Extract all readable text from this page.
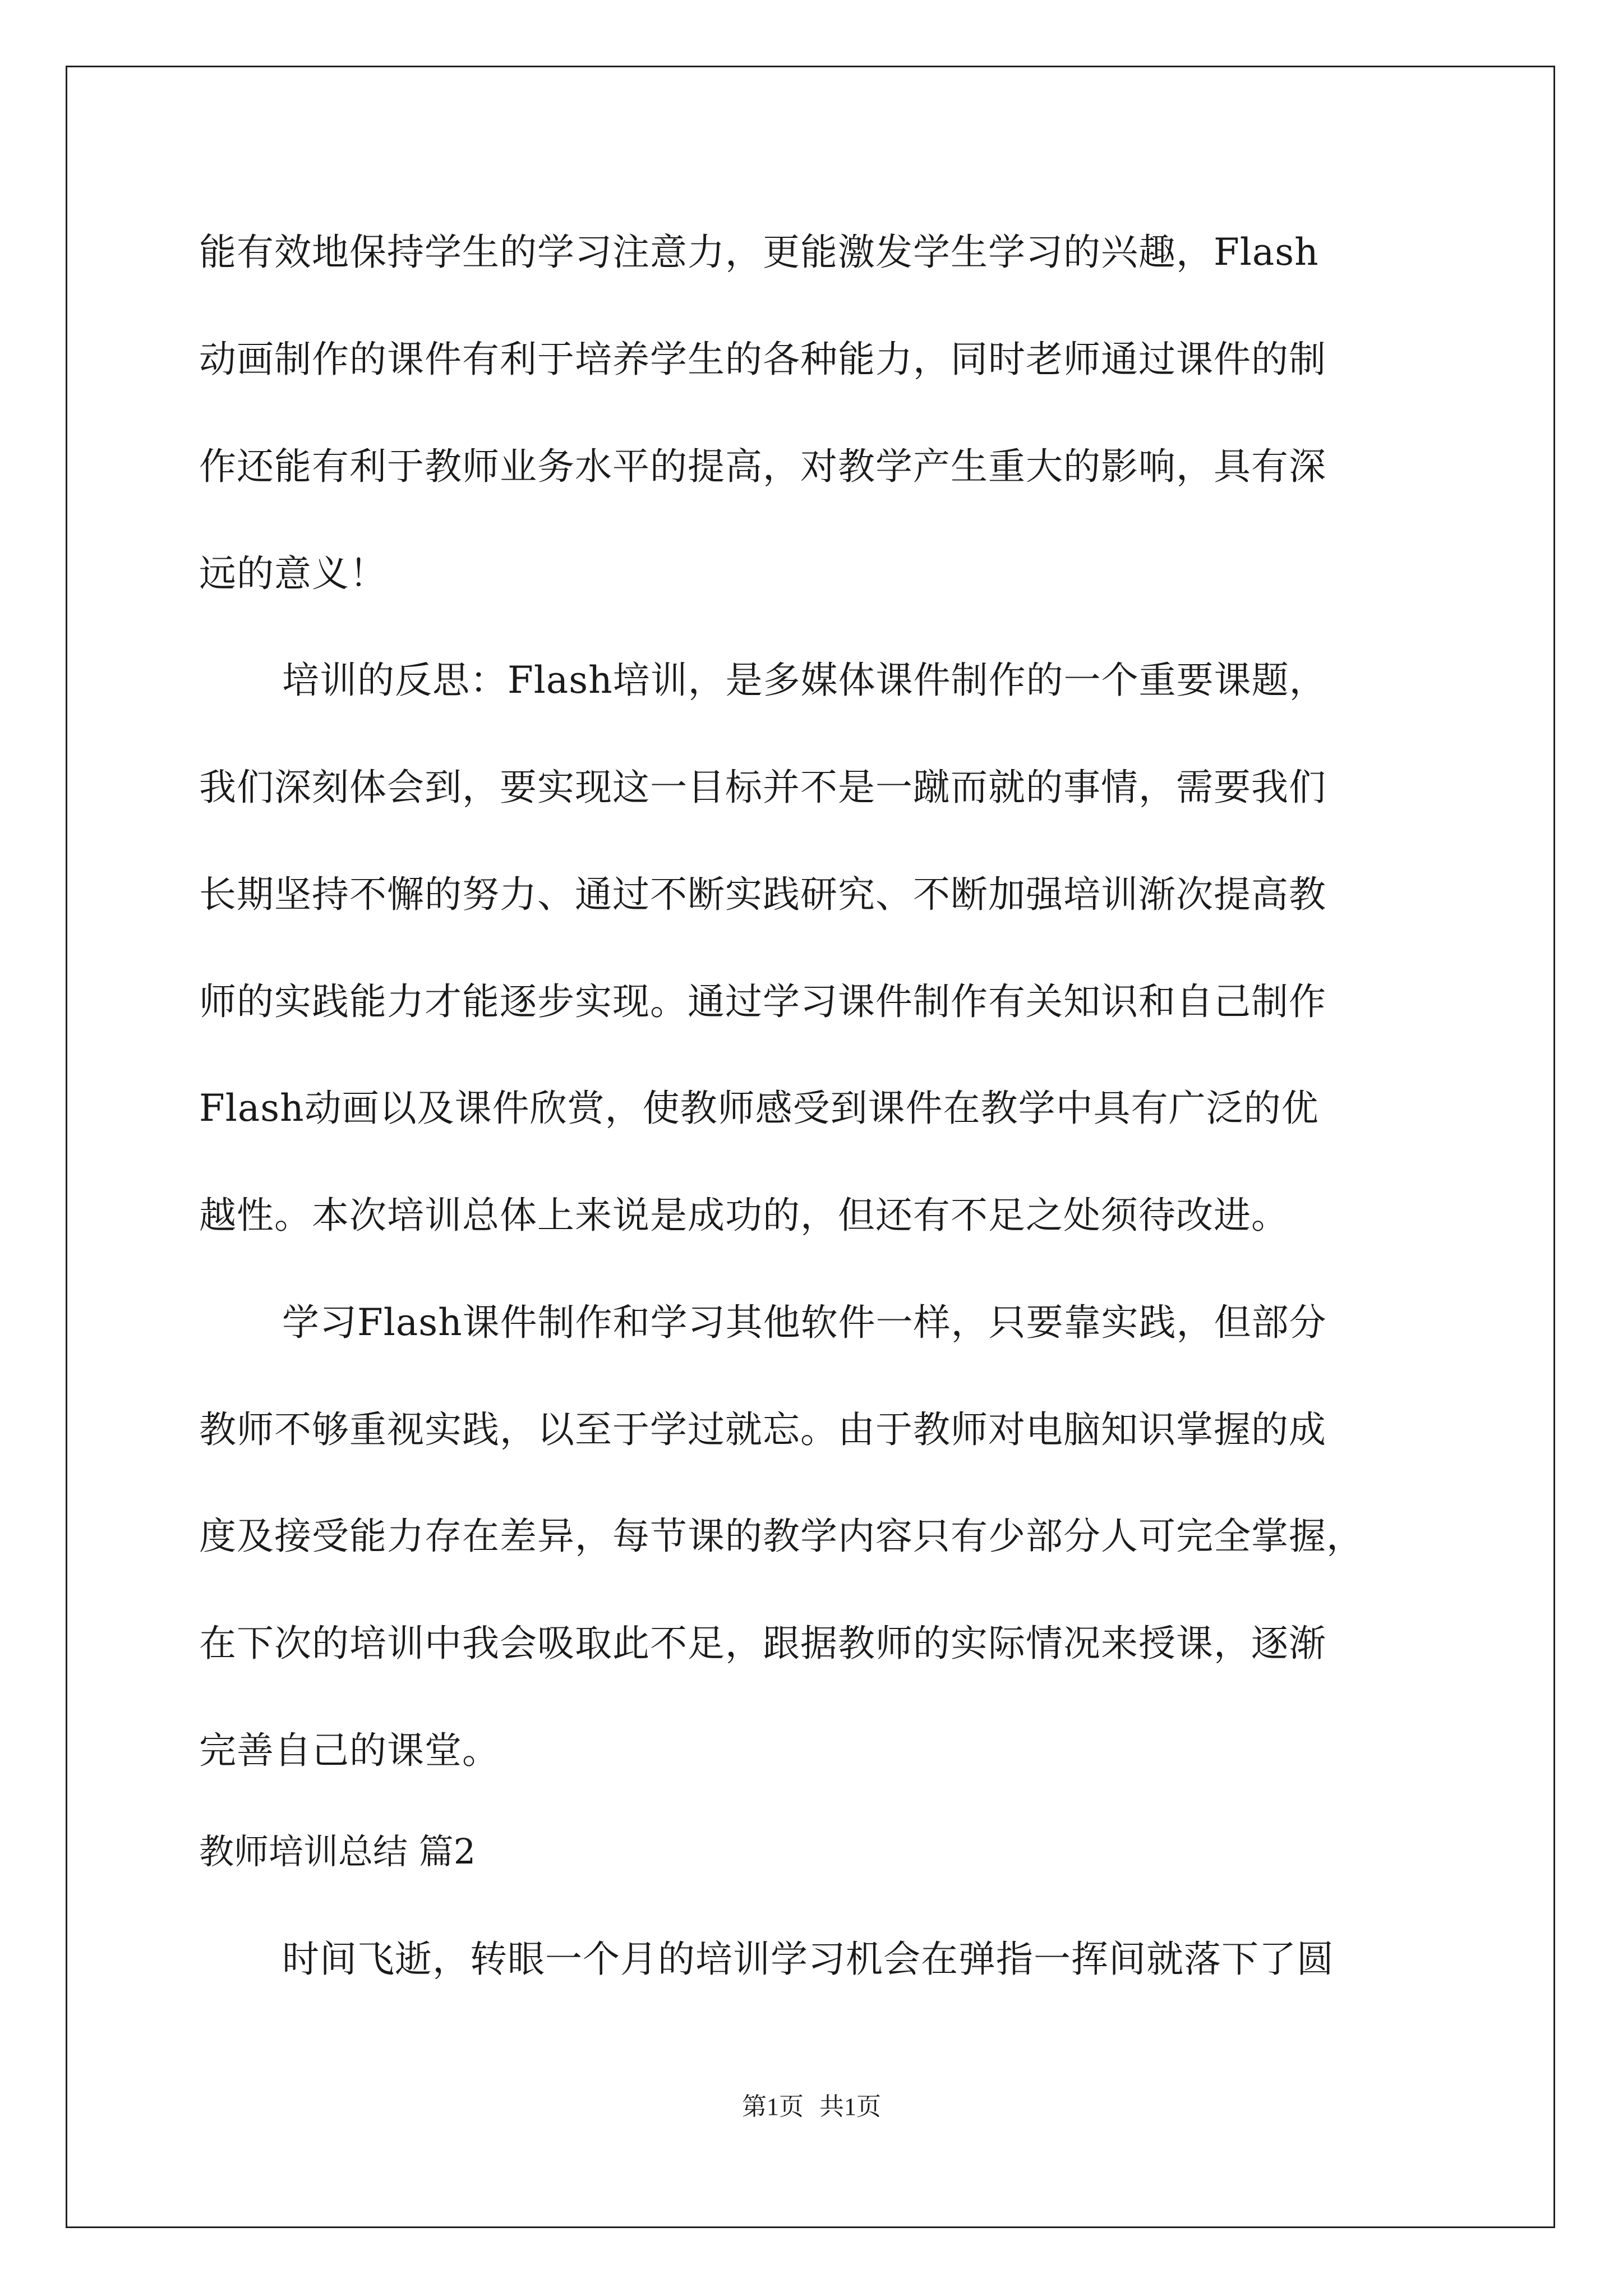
能有效地保持学生的学习注意力，更能激发学生学习的兴趣，Flash
动画制作的课件有利于培养学生的各种能力，同时老师通过课件的制
作还能有利于教师业务水平的提高，对教学产生重大的影响，具有深
远的意义！
培训的反思：Flash培训，是多媒体课件制作的一个重要课题，
我们深刻体会到，要实现这一目标并不是一蹴而就的事情，需要我们
长期坚持不懈的努力、通过不断实践研究、不断加强培训渐次提高教
师的实践能力才能逐步实现。通过学习课件制作有关知识和自己制作
Flash动画以及课件欣赏，使教师感受到课件在教学中具有广泛的优
越性。本次培训总体上来说是成功的，但还有不足之处须待改进。
学习Flash课件制作和学习其他软件一样，只要靠实践，但部分
教师不够重视实践，以至于学过就忘。由于教师对电脑知识掌握的成
度及接受能力存在差异，每节课的教学内容只有少部分人可完全掌握，
在下次的培训中我会吸取此不足，跟据教师的实际情况来授课，逐渐
完善自己的课堂。
教师培训总结 篇2
时间飞逝，转眼一个月的培训学习机会在弹指一挥间就落下了圆
第1页 共1页
